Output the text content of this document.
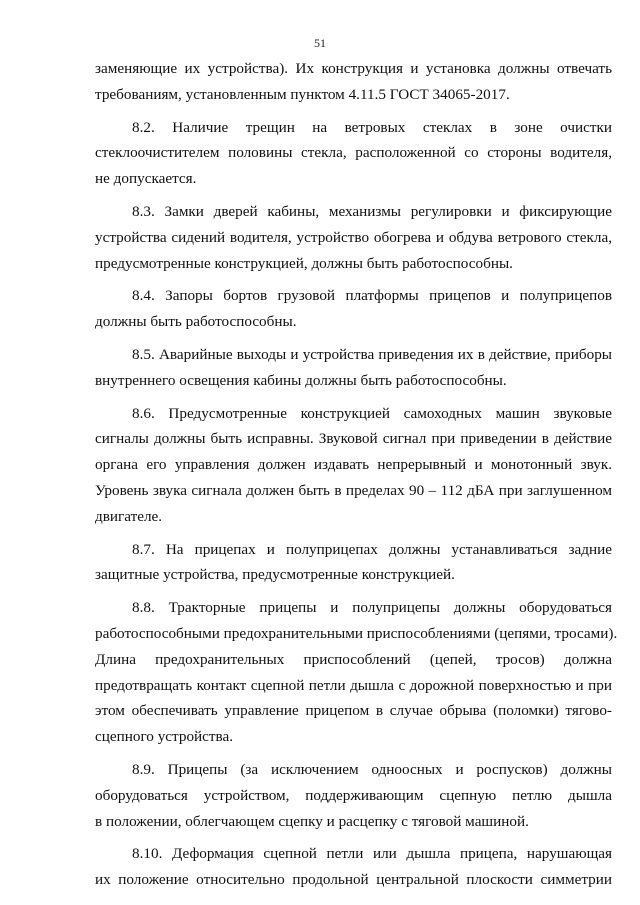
51
заменяющие их устройства). Их конструкция и установка должны отвечать
требованиям, установленным пунктом 4.11.5 ГОСТ 34065-2017.
8.2. Наличие трещин на ветровых стеклах в зоне очистки
стеклоочистителем половины стекла, расположенной со стороны водителя,
не допускается.
8.3. Замки дверей кабины, механизмы регулировки и фиксирующие
устройства сидений водителя, устройство обогрева и обдува ветрового стекла,
предусмотренные конструкцией, должны быть работоспособны.
8.4. Запоры бортов грузовой платформы прицепов и полуприцепов
должны быть работоспособны.
8.5. Аварийные выходы и устройства приведения их в действие, приборы
внутреннего освещения кабины должны быть работоспособны.
8.6. Предусмотренные конструкцией самоходных машин звуковые
сигналы должны быть исправны. Звуковой сигнал при приведении в действие
органа его управления должен издавать непрерывный и монотонный звук.
Уровень звука сигнала должен быть в пределах 90 – 112 дБА при заглушенном
двигателе.
8.7. На прицепах и полуприцепах должны устанавливаться задние
защитные устройства, предусмотренные конструкцией.
8.8. Тракторные прицепы и полуприцепы должны оборудоваться
работоспособными предохранительными приспособлениями (цепями, тросами).
Длина предохранительных приспособлений (цепей, тросов) должна
предотвращать контакт сцепной петли дышла с дорожной поверхностью и при
этом обеспечивать управление прицепом в случае обрыва (поломки) тягово-
сцепного устройства.
8.9. Прицепы (за исключением одноосных и роспусков) должны
оборудоваться устройством, поддерживающим сцепную петлю дышла
в положении, облегчающем сцепку и расцепку с тяговой машиной.
8.10. Деформация сцепной петли или дышла прицепа, нарушающая
их положение относительно продольной центральной плоскости симметрии
